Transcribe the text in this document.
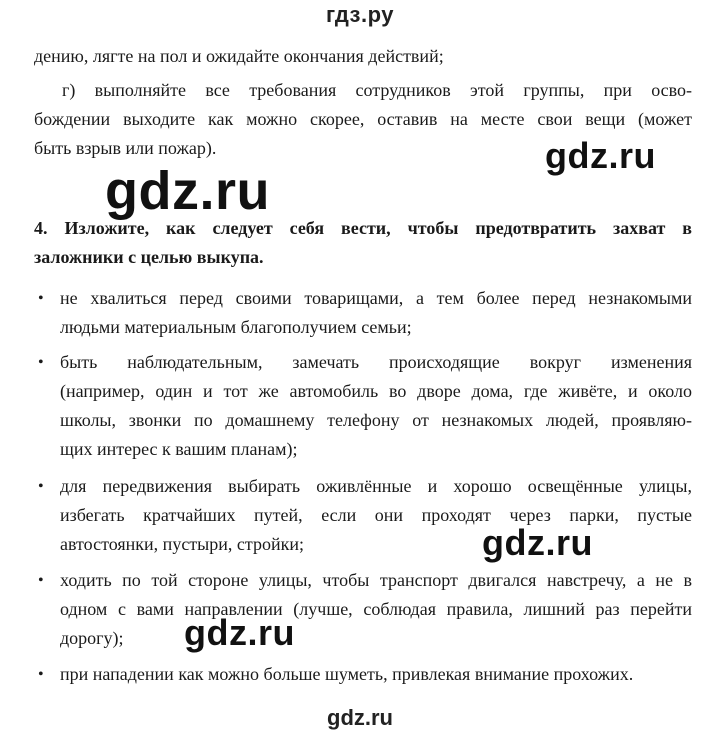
гдз.ру

дению, лягте на пол и ожидайте окончания действий;

г) выполняйте все требования сотрудников этой группы, при осво-

бождении выходите как можно скорее, оставив на месте свои вещи (может

быть взрыв или пожар).

4. Изложите, как следует себя вести, чтобы предотвратить захват в

заложники с целью выкупа.

• не хвалиться перед своими товарищами, а тем более перед незнакомыми
людьми материальным благополучием семьи;
• быть наблюдательным, замечать происходящие вокруг изменения
(например, один и тот же автомобиль во дворе дома, где живёте, и около
школы, звонки по домашнему телефону от незнакомых людей, проявляю-
щих интерес к вашим планам);
• для передвижения выбирать оживлённые и хорошо освещённые улицы,
избегать кратчайших путей, если они проходят через парки, пустые
автостоянки, пустыри, стройки;
• ходить по той стороне улицы, чтобы транспорт двигался навстречу, а не в
одном с вами направлении (лучше, соблюдая правила, лишний раз перейти
дорогу);
• при нападении как можно больше шуметь, привлекая внимание прохожих.
gdz.ru
gdz.ru
gdz.ru
gdz.ru
gdz.ru
